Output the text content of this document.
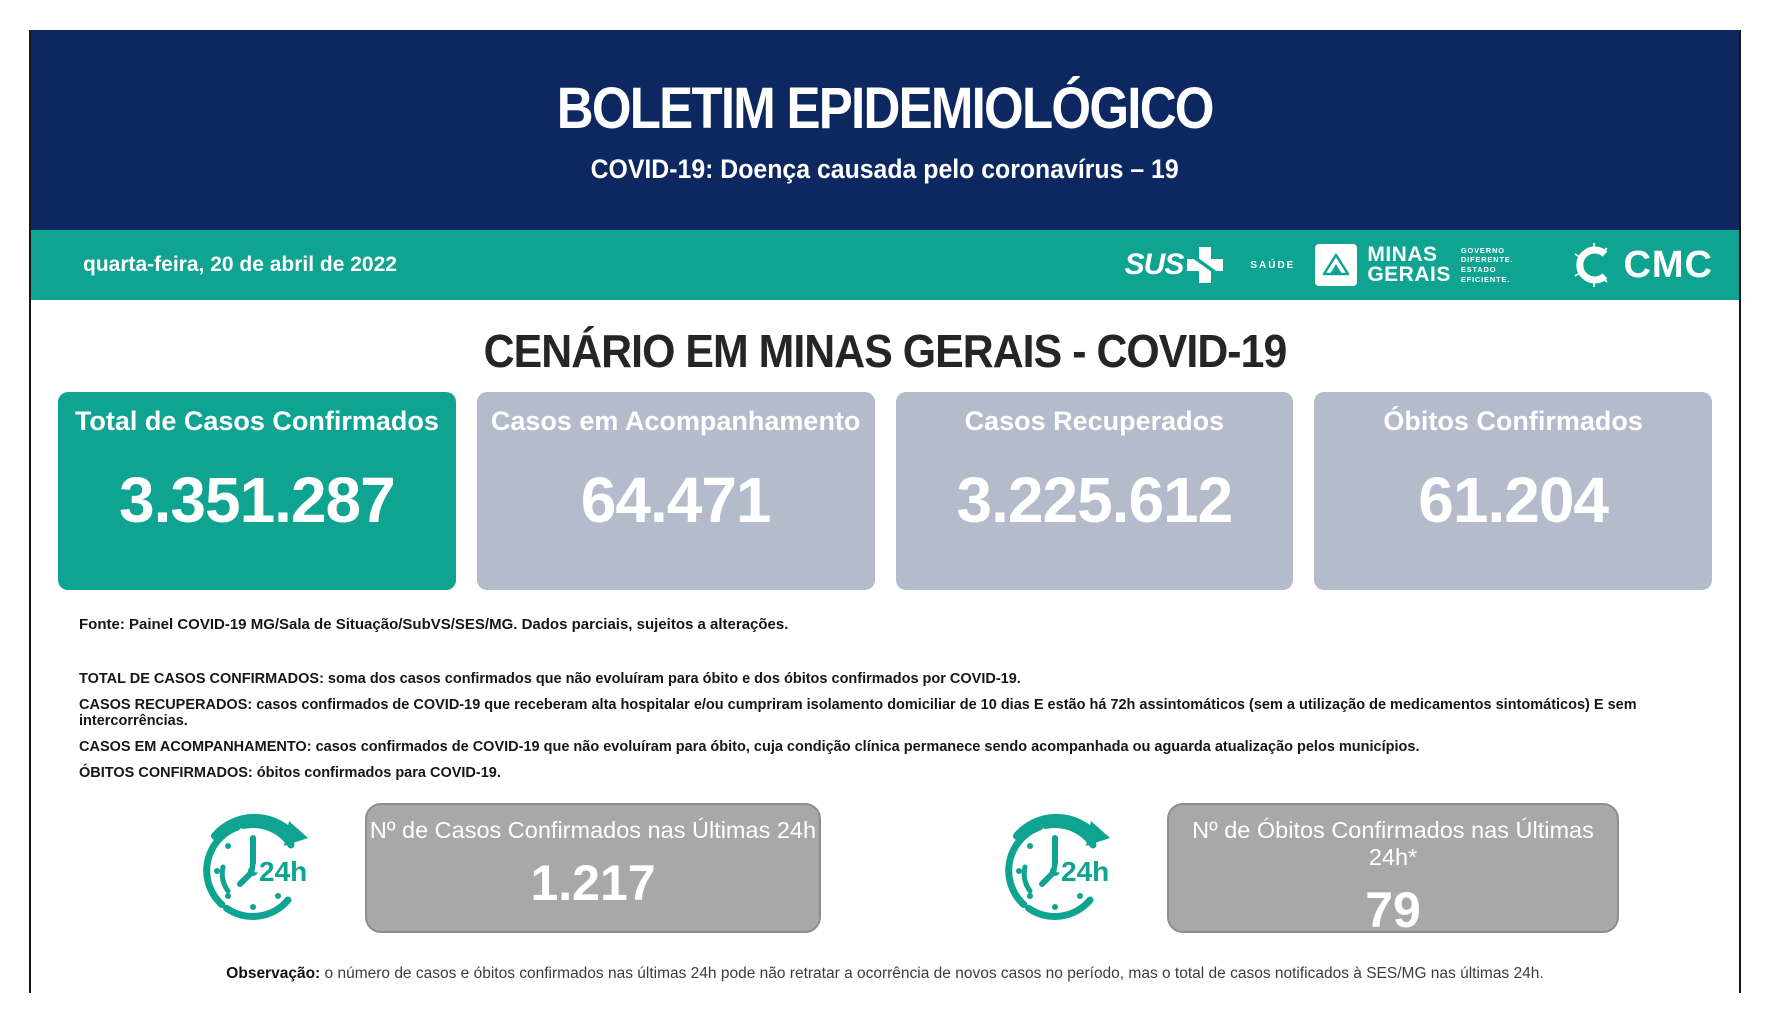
BOLETIM EPIDEMIOLÓGICO
COVID-19: Doença causada pelo coronavírus – 19
quarta-feira, 20 de abril de 2022	SUS	SAÚDE	MINAS
GERAIS
GOVERNO
DIFERENTE.
ESTADO
EFICIENTE.	CMC
CENÁRIO EM MINAS GERAIS - COVID-19
Total de Casos Confirmados
3.351.287
Casos em Acompanhamento
64.471
Casos Recuperados
3.225.612
Óbitos Confirmados
61.204

Fonte: Painel COVID-19 MG/Sala de Situação/SubVS/SES/MG. Dados parciais, sujeitos a alterações.

TOTAL DE CASOS CONFIRMADOS: soma dos casos confirmados que não evoluíram para óbito e dos óbitos confirmados por COVID-19.
CASOS RECUPERADOS: casos confirmados de COVID-19 que receberam alta hospitalar e/ou cumpriram isolamento domiciliar de 10 dias E estão há 72h assintomáticos (sem a utilização de medicamentos sintomáticos) E sem intercorrências.
CASOS EM ACOMPANHAMENTO: casos confirmados de COVID-19 que não evoluíram para óbito, cuja condição clínica permanece sendo acompanhada ou aguarda atualização pelos municípios.
ÓBITOS CONFIRMADOS: óbitos confirmados para COVID-19.
24h
Nº de Casos Confirmados nas Últimas 24h
1.217	24h
Nº de Óbitos Confirmados nas Últimas 24h*
79

Observação: o número de casos e óbitos confirmados nas últimas 24h pode não retratar a ocorrência de novos casos no período, mas o total de casos notificados à SES/MG nas últimas 24h.
